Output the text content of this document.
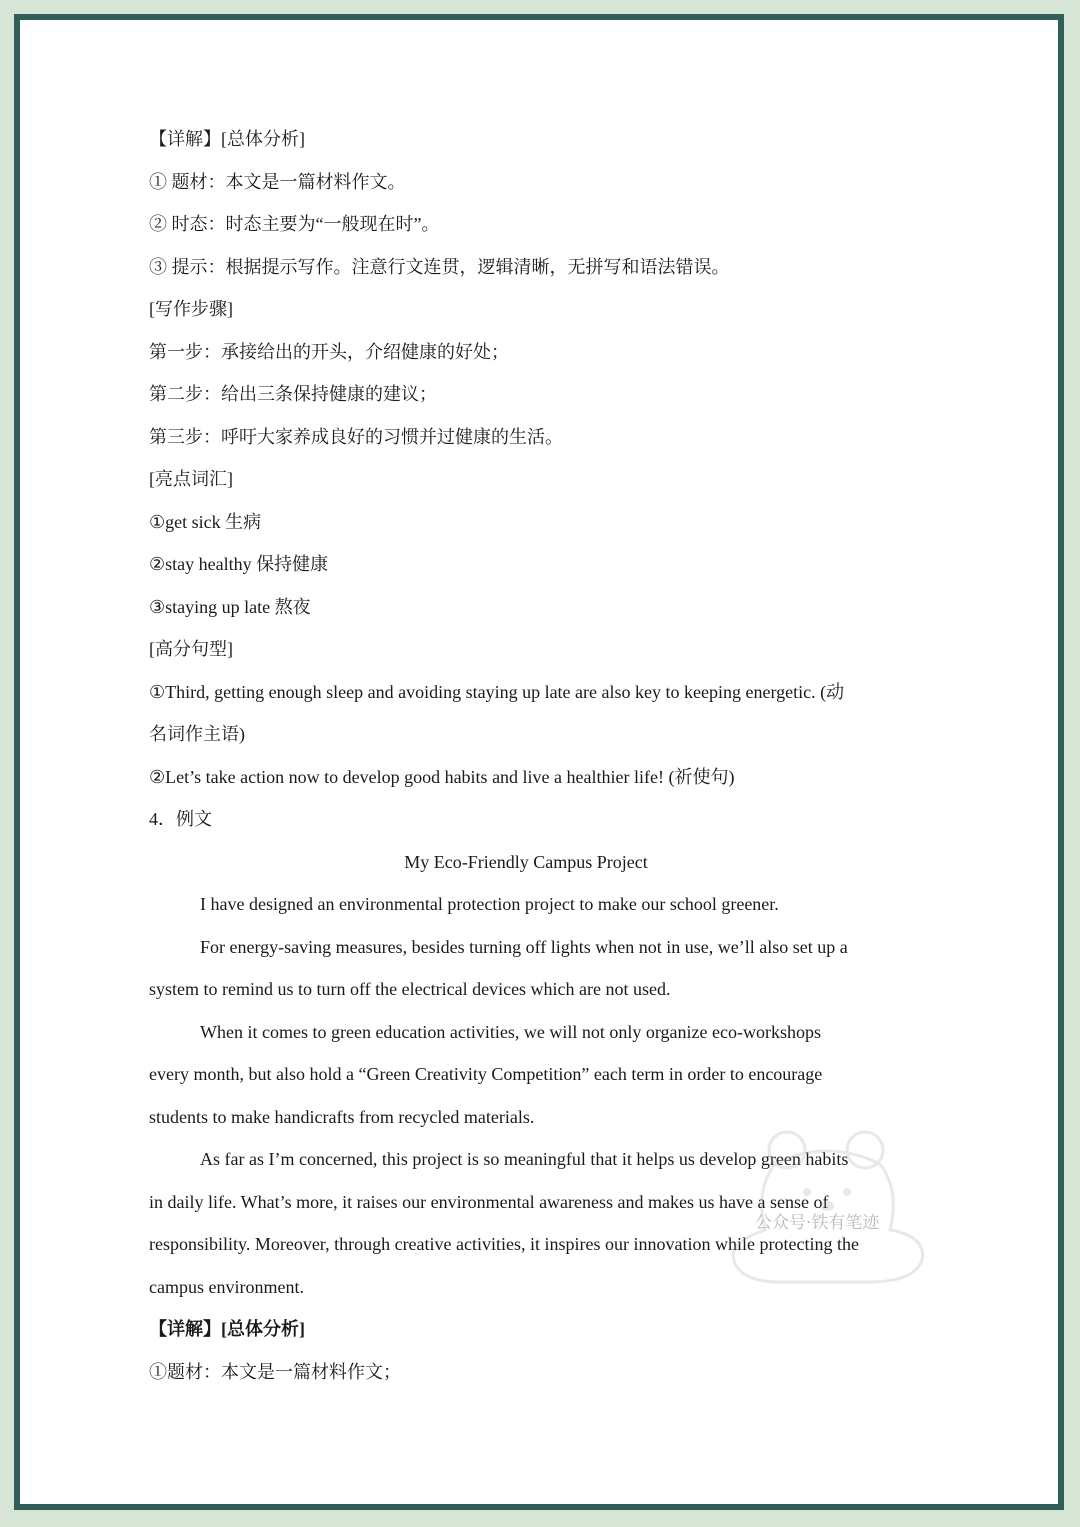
【详解】[总体分析]
① 题材：本文是一篇材料作文。
② 时态：时态主要为“一般现在时”。
③ 提示：根据提示写作。注意行文连贯，逻辑清晰，无拼写和语法错误。
[写作步骤]
第一步：承接给出的开头，介绍健康的好处；
第二步：给出三条保持健康的建议；
第三步：呼吁大家养成良好的习惯并过健康的生活。
[亮点词汇]
①get sick 生病
②stay healthy 保持健康
③staying up late 熬夜
[高分句型]
①Third, getting enough sleep and avoiding staying up late are also key to keeping energetic. (动
名词作主语)
②Let’s take action now to develop good habits and live a healthier life! (祈使句)
4．例文
My Eco-Friendly Campus Project
I have designed an environmental protection project to make our school greener.
For energy-saving measures, besides turning off lights when not in use, we’ll also set up a
system to remind us to turn off the electrical devices which are not used.
When it comes to green education activities, we will not only organize eco-workshops
every month, but also hold a “Green Creativity Competition” each term in order to encourage
students to make handicrafts from recycled materials.
As far as I’m concerned, this project is so meaningful that it helps us develop green habits
in daily life. What’s more, it raises our environmental awareness and makes us have a sense of
responsibility. Moreover, through creative activities, it inspires our innovation while protecting the
campus environment.
【详解】[总体分析]
①题材：本文是一篇材料作文；
公众号·铁有笔迹
